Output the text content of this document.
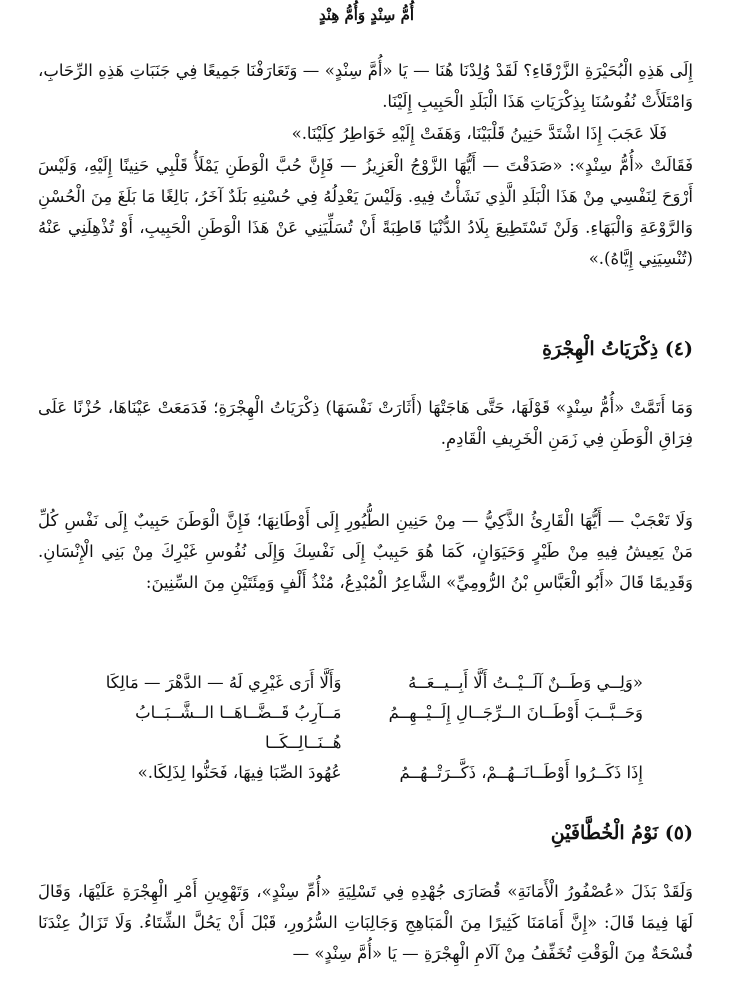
أُمُّ سِنْدٍ وَأُمُّ هِنْدٍ

إِلَى هَذِهِ الْبُحَيْرَةِ الزَّرْقَاءِ؟ لَقَدْ وُلِدْنَا هُنَا — يَا «أُمَّ سِنْدٍ» — وَتَعَارَفْنَا جَمِيعًا فِي جَنَبَاتِ هَذِهِ الرِّحَابِ، وَامْتَلَأَتْ نُفُوسُنَا بِذِكْرَيَاتِ هَذَا الْبَلَدِ الْحَبِيبِ إِلَيْنَا.

فَلَا عَجَبَ إِذَا اشْتَدَّ حَنِينُ قَلْبَيْنَا، وَهَفَتْ إِلَيْهِ خَوَاطِرُ كِلَيْنَا.»

فَقَالَتْ «أُمُّ سِنْدٍ»: «صَدَقْتَ — أَيُّهَا الزَّوْجُ الْعَزِيزُ — فَإِنَّ حُبَّ الْوَطَنِ يَمْلَأُ قَلْبِي حَنِينًا إِلَيْهِ، وَلَيْسَ أَرْوَحَ لِنَفْسِي مِنْ هَذَا الْبَلَدِ الَّذِي نَشَأْتُ فِيهِ. وَلَيْسَ يَعْدِلُهُ فِي حُسْنِهِ بَلَدٌ آخَرُ، بَالِغًا مَا بَلَغَ مِنَ الْحُسْنِ وَالرَّوْعَةِ وَالْبَهَاءِ. وَلَنْ تَسْتَطِيعَ بِلَادُ الدُّنْيَا قَاطِبَةً أَنْ تُسَلِّيَنِي عَنْ هَذَا الْوَطَنِ الْحَبِيبِ، أَوْ تُذْهِلَنِي عَنْهُ (تُنْسِيَنِي إِيَّاهُ).»

(٤) ذِكْرَيَاتُ الْهِجْرَةِ

وَمَا أَتَمَّتْ «أُمُّ سِنْدٍ» قَوْلَهَا، حَتَّى هَاجَتْهَا (أَثَارَتْ نَفْسَهَا) ذِكْرَيَاتُ الْهِجْرَةِ؛ فَدَمَعَتْ عَيْنَاهَا، حُزْنًا عَلَى فِرَاقِ الْوَطَنِ فِي زَمَنِ الْخَرِيفِ الْقَادِمِ.

وَلَا تَعْجَبْ — أَيُّهَا الْقَارِئُ الذَّكِيُّ — مِنْ حَنِينِ الطُّيُورِ إِلَى أَوْطَانِهَا؛ فَإِنَّ الْوَطَنَ حَبِيبٌ إِلَى نَفْسِ كُلِّ مَنْ يَعِيشُ فِيهِ مِنْ طَيْرٍ وَحَيَوَانٍ، كَمَا هُوَ حَبِيبٌ إِلَى نَفْسِكَ وَإِلَى نُفُوسِ غَيْرِكَ مِنْ بَنِي الْإِنْسَانِ. وَقَدِيمًا قَالَ «أَبُو الْعَبَّاسِ بْنُ الرُّومِيِّ» الشَّاعِرُ الْمُبْدِعُ، مُنْذُ أَلْفٍ وَمِئَتَيْنِ مِنَ السِّنِينَ:

«وَلِــي وَطَــنٌ آلَــيْــتُ أَلَّا أَبِــيــعَــهُ
وَأَلَّا أَرَى غَيْرِي لَهُ — الدَّهْرَ — مَالِكَا
وَحَــبَّــبَ أَوْطَــانَ الــرِّجَــالِ إِلَــيْــهِــمُ
مَــآرِبُ قَــضَّــاهَــا الــشَّــبَــابُ هُــنَــالِــكَــا
إِذَا ذَكَــرُوا أَوْطَــانَــهُــمْ، ذَكَّــرَتْــهُــمُ
عُهُودَ الصِّبَا فِيهَا، فَحَنُّوا لِذَلِكَا.»
(٥) نَوْمُ الْخُطَّافَيْنِ

وَلَقَدْ بَذَلَ «عُصْفُورُ الْأَمَانَةِ» قُصَارَى جُهْدِهِ فِي تَسْلِيَةِ «أُمِّ سِنْدٍ»، وَتَهْوِينِ أَمْرِ الْهِجْرَةِ عَلَيْهَا، وَقَالَ لَهَا فِيمَا قَالَ: «إِنَّ أَمَامَنَا كَثِيرًا مِنَ الْمَبَاهِجِ وَجَالِبَاتِ السُّرُورِ، قَبْلَ أَنْ يَحُلَّ الشِّتَاءُ. وَلَا تَزَالُ عِنْدَنَا فُسْحَةٌ مِنَ الْوَقْتِ تُخَفِّفُ مِنْ آلَامِ الْهِجْرَةِ — يَا «أُمَّ سِنْدٍ» —
